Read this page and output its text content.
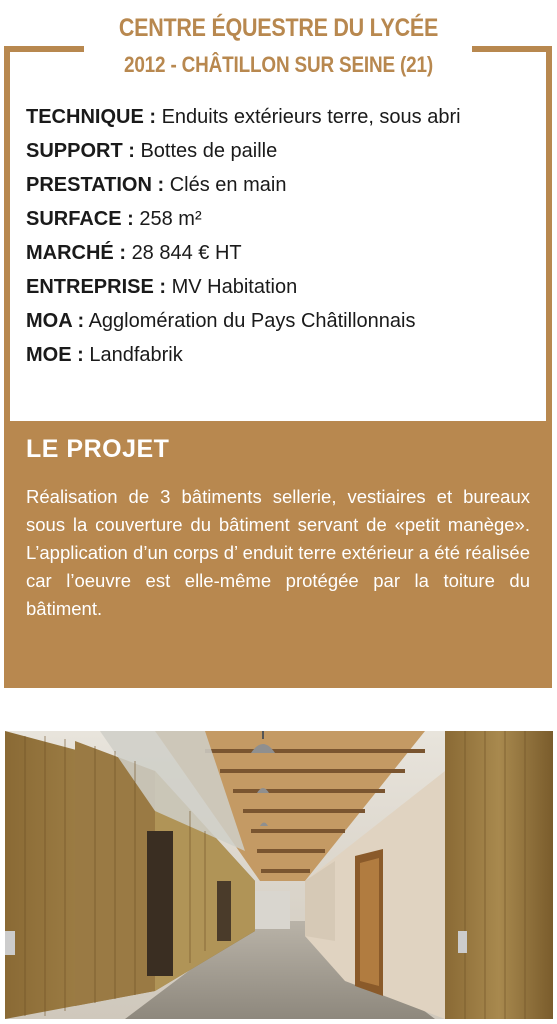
CENTRE ÉQUESTRE DU LYCÉE
2012 - CHÂTILLON SUR SEINE (21)
TECHNIQUE : Enduits extérieurs terre, sous abri
SUPPORT : Bottes de paille
PRESTATION : Clés en main
SURFACE : 258 m²
MARCHÉ : 28 844 € HT
ENTREPRISE : MV Habitation
MOA : Agglomération du Pays Châtillonnais
MOE : Landfabrik
LE PROJET
Réalisation de 3 bâtiments sellerie, vestiaires et bureaux sous la couverture du bâtiment servant de «petit manège». L’application d’un corps d’ enduit terre extérieur a été réalisée car l’oeuvre est elle-même protégée par la toiture du bâtiment.
